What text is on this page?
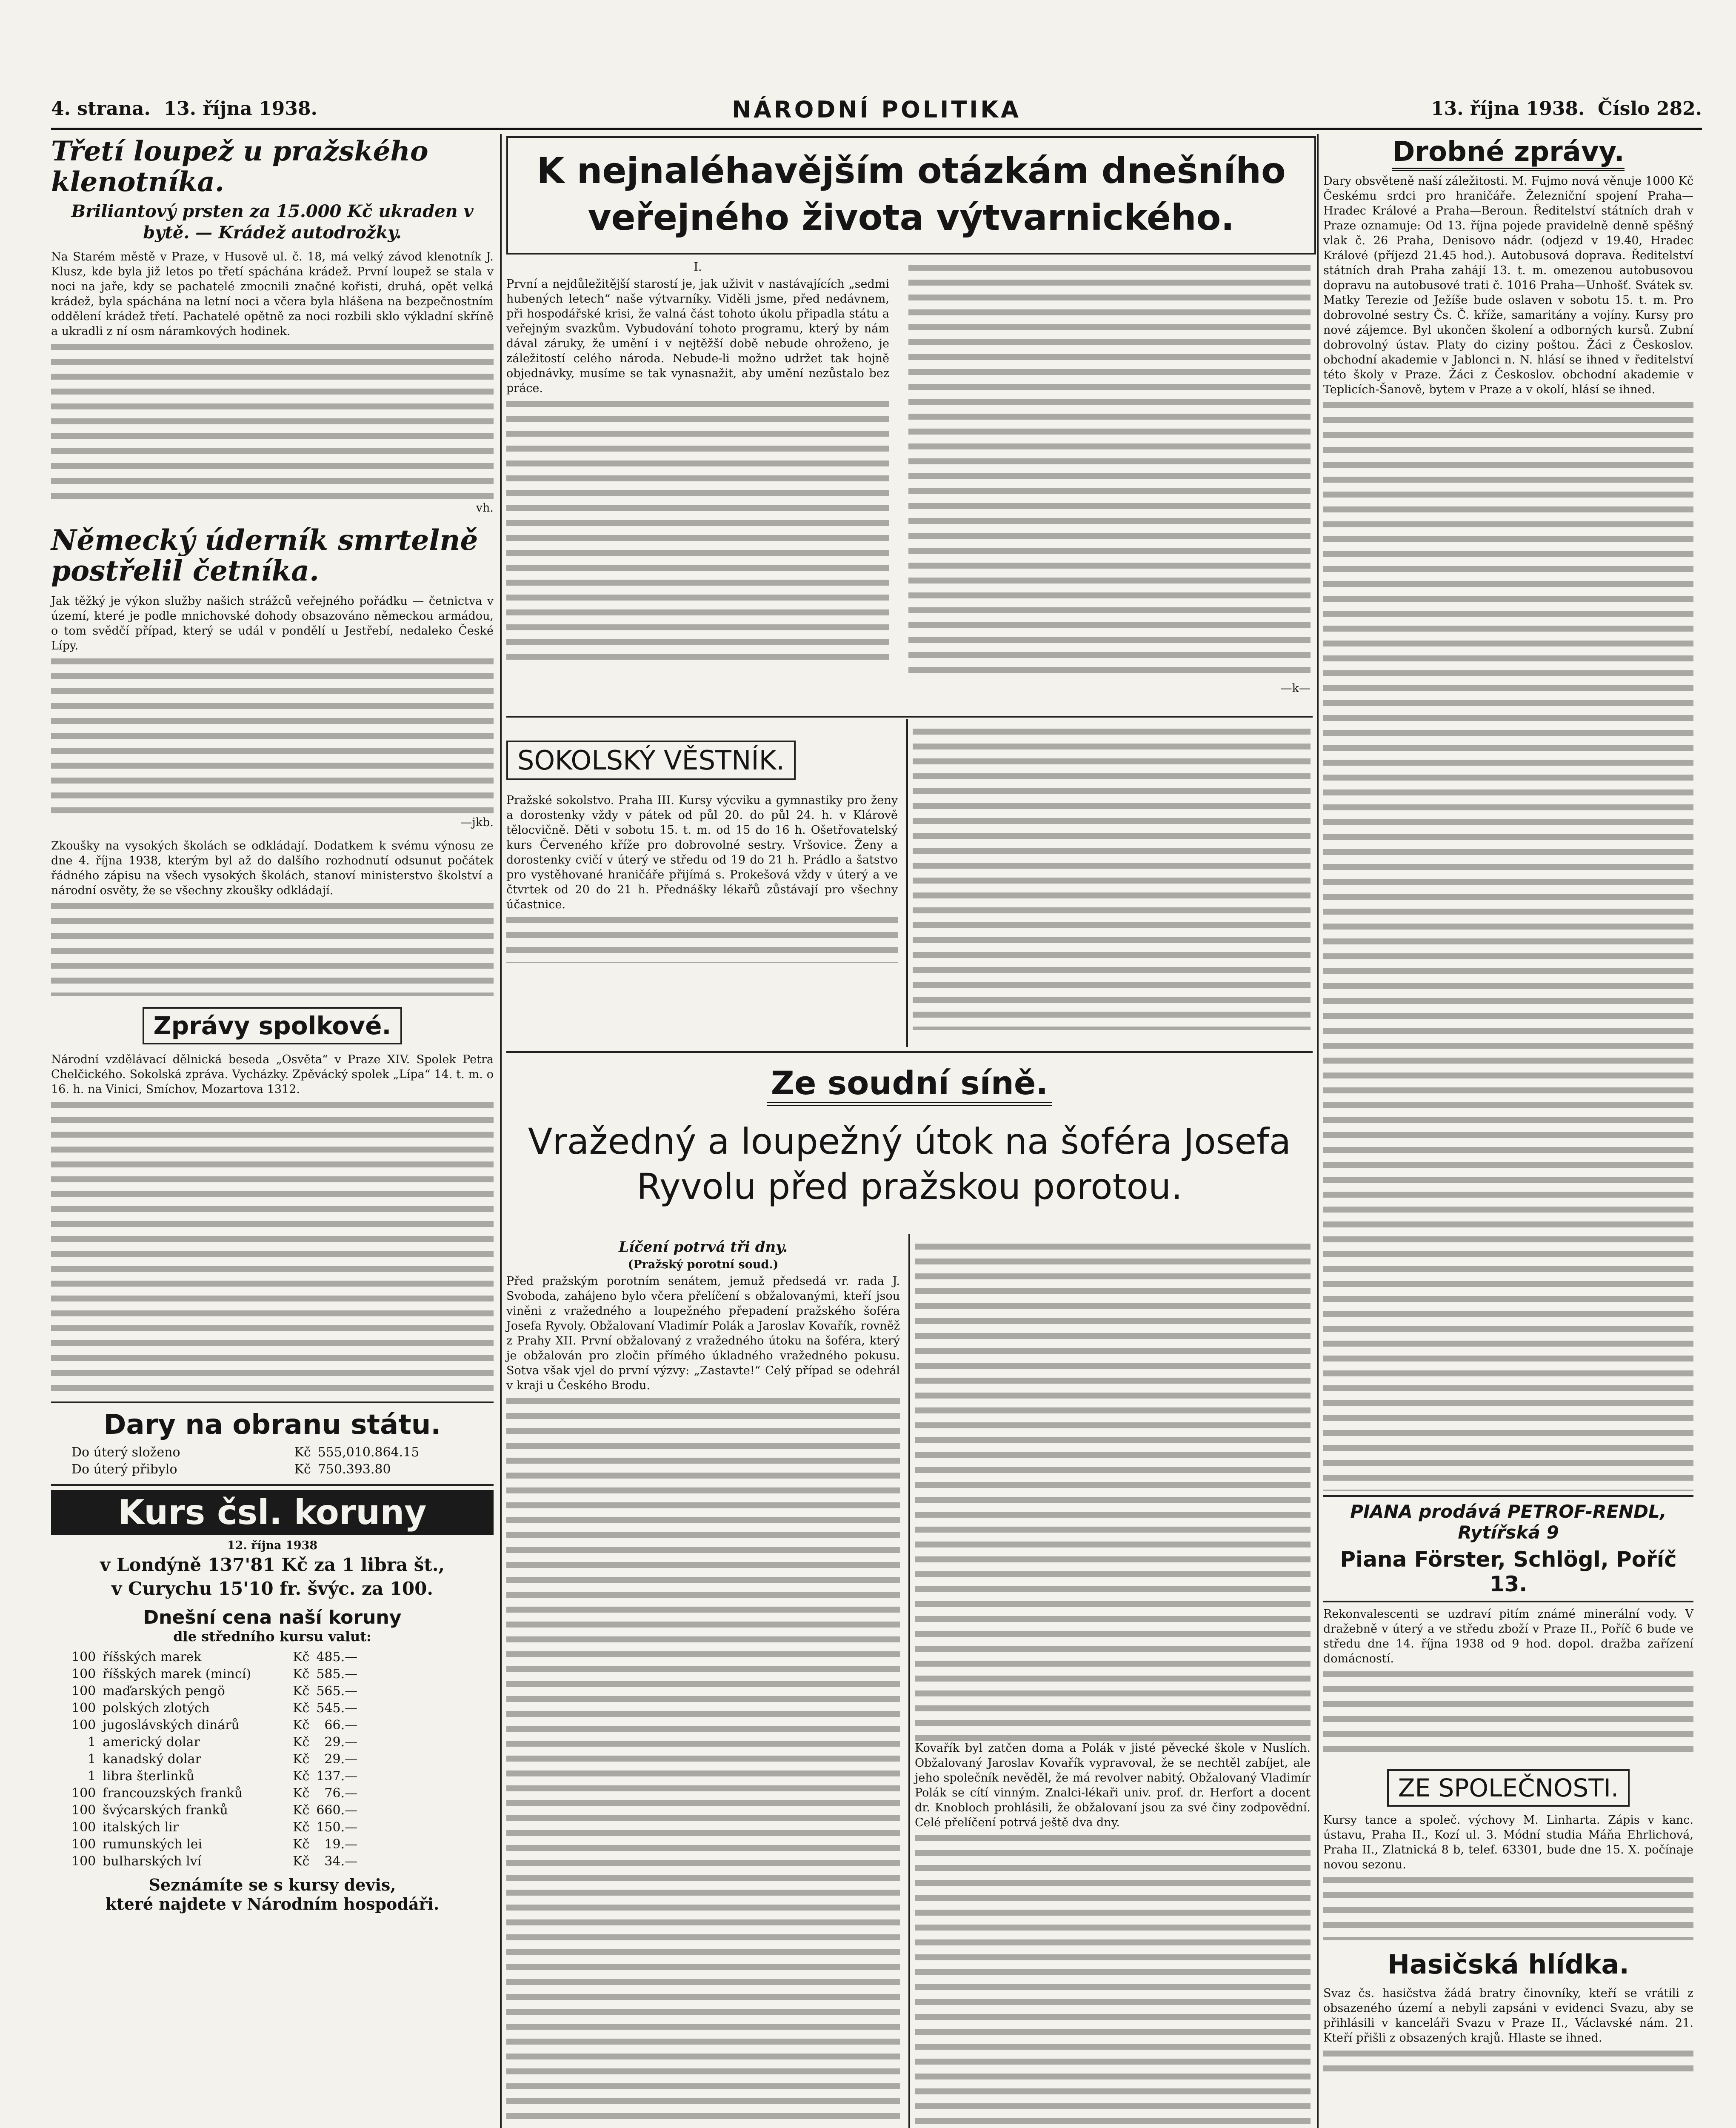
4. strana. 13. října 1938.	NÁRODNÍ POLITIKA	13. října 1938. Číslo 282.
Třetí loupež u pražského klenotníka.
Briliantový prsten za 15.000 Kč ukraden v bytě. — Krádež autodrožky.
Na Starém městě v Praze, v Husově ul. č. 18, má velký závod klenotník J. Klusz, kde byla již letos po třetí spáchána krádež. První loupež se stala v noci na jaře, kdy se pachatelé zmocnili značné kořisti, druhá, opět velká krádež, byla spáchána na letní noci a včera byla hlášena na bezpečnostním oddělení krádež třetí. Pachatelé opětně za noci rozbili sklo výkladní skříně a ukradli z ní osm náramkových hodinek.
vh.
Německý úderník smrtelně postřelil četníka.
Jak těžký je výkon služby našich strážců veřejného pořádku — četnictva v území, které je podle mnichovské dohody obsazováno německou armádou, o tom svědčí případ, který se udál v pondělí u Jestřebí, nedaleko České Lípy.
—jkb.
Zkoušky na vysokých školách se odkládají. Dodatkem k svému výnosu ze dne 4. října 1938, kterým byl až do dalšího rozhodnutí odsunut počátek řádného zápisu na všech vysokých školách, stanoví ministerstvo školství a národní osvěty, že se všechny zkoušky odkládají.
Zprávy spolkové.
Národní vzdělávací dělnická beseda „Osvěta“ v Praze XIV. Spolek Petra Chelčického. Sokolská zpráva. Vycházky. Zpěvácký spolek „Lípa“ 14. t. m. o 16. h. na Vinici, Smíchov, Mozartova 1312.
Dary na obranu státu.
Do úterý složeno	Kč	555,010.864.15
Do úterý přibylo	Kč	750.393.80
Kurs čsl. koruny
12. října 1938
v Londýně 137'81 Kč za 1 libra št.,
v Curychu 15'10 fr. švýc. za 100.
Dnešní cena naší koruny
dle středního kursu valut:
100	říšských marek	Kč	485.—
100	říšských marek (mincí)	Kč	585.—
100	maďarských pengö	Kč	565.—
100	polských zlotých	Kč	545.—
100	jugoslávských dinárů	Kč	66.—
1	americký dolar	Kč	29.—
1	kanadský dolar	Kč	29.—
1	libra šterlinků	Kč	137.—
100	francouzských franků	Kč	76.—
100	švýcarských franků	Kč	660.—
100	italských lir	Kč	150.—
100	rumunských lei	Kč	19.—
100	bulharských lví	Kč	34.—
Seznámíte se s kursy devis,
které najdete v Národním hospodáři.
K nejnaléhavějším otázkám dnešního veřejného života výtvarnického.
I.
První a nejdůležitější starostí je, jak uživit v nastávajících „sedmi hubených letech“ naše výtvarníky. Viděli jsme, před nedávnem, při hospodářské krisi, že valná část tohoto úkolu připadla státu a veřejným svazkům. Vybudování tohoto programu, který by nám dával záruky, že umění i v nejtěžší době nebude ohroženo, je záležitostí celého národa. Nebude-li možno udržet tak hojně objednávky, musíme se tak vynasnažit, aby umění nezůstalo bez práce.
—k—
SOKOLSKÝ VĚSTNÍK.
Pražské sokolstvo. Praha III. Kursy výcviku a gymnastiky pro ženy a dorostenky vždy v pátek od půl 20. do půl 24. h. v Klárově tělocvičně. Děti v sobotu 15. t. m. od 15 do 16 h. Ošetřovatelský kurs Červeného kříže pro dobrovolné sestry. Vršovice. Ženy a dorostenky cvičí v úterý ve středu od 19 do 21 h. Prádlo a šatstvo pro vystěhované hraničáře přijímá s. Prokešová vždy v úterý a ve čtvrtek od 20 do 21 h. Přednášky lékařů zůstávají pro všechny účastnice.
Ze soudní síně.
Vražedný a loupežný útok na šoféra Josefa Ryvolu před pražskou porotou.
Líčení potrvá tři dny.
(Pražský porotní soud.)
Před pražským porotním senátem, jemuž předsedá vr. rada J. Svoboda, zahájeno bylo včera přelíčení s obžalovanými, kteří jsou viněni z vražedného a loupežného přepadení pražského šoféra Josefa Ryvoly. Obžalovaní Vladimír Polák a Jaroslav Kovařík, rovněž z Prahy XII. První obžalovaný z vražedného útoku na šoféra, který je obžalován pro zločin přímého úkladného vražedného pokusu. Sotva však vjel do první výzvy: „Zastavte!“ Celý případ se odehrál v kraji u Českého Brodu.
Kovařík byl zatčen doma a Polák v jisté pěvecké škole v Nuslích. Obžalovaný Jaroslav Kovařík vypravoval, že se nechtěl zabíjet, ale jeho společník nevěděl, že má revolver nabitý. Obžalovaný Vladimír Polák se cítí vinným. Znalci-lékaři univ. prof. dr. Herfort a docent dr. Knobloch prohlásili, že obžalovaní jsou za své činy zodpovědní. Celé přelíčení potrvá ještě dva dny.
Drobné zprávy.
Dary obsvěteně naší záležitosti. M. Fujmo nová věnuje 1000 Kč Českému srdci pro hraničáře. Železniční spojení Praha—Hradec Králové a Praha—Beroun. Ředitelství státních drah v Praze oznamuje: Od 13. října pojede pravidelně denně spěšný vlak č. 26 Praha, Denisovo nádr. (odjezd v 19.40, Hradec Králové (příjezd 21.45 hod.). Autobusová doprava. Ředitelství státních drah Praha zahájí 13. t. m. omezenou autobusovou dopravu na autobusové trati č. 1016 Praha—Unhošť. Svátek sv. Matky Terezie od Ježíše bude oslaven v sobotu 15. t. m. Pro dobrovolné sestry Čs. Č. kříže, samaritány a vojíny. Kursy pro nové zájemce. Byl ukončen školení a odborných kursů. Zubní dobrovolný ústav. Platy do ciziny poštou. Žáci z Českoslov. obchodní akademie v Jablonci n. N. hlásí se ihned v ředitelství této školy v Praze. Žáci z Českoslov. obchodní akademie v Teplicích-Šanově, bytem v Praze a v okolí, hlásí se ihned.
PIANA prodává PETROF-RENDL, Rytířská 9
Piana Förster, Schlögl, Poříč 13.
Rekonvalescenti se uzdraví pitím známé minerální vody. V dražebně v úterý a ve středu zboží v Praze II., Poříč 6 bude ve středu dne 14. října 1938 od 9 hod. dopol. dražba zařízení domácností.
ZE SPOLEČNOSTI.
Kursy tance a společ. výchovy M. Linharta. Zápis v kanc. ústavu, Praha II., Kozí ul. 3. Módní studia Máňa Ehrlichová, Praha II., Zlatnická 8 b, telef. 63301, bude dne 15. X. počínaje novou sezonu.
Hasičská hlídka.
Svaz čs. hasičstva žádá bratry činovníky, kteří se vrátili z obsazeného území a nebyli zapsáni v evidenci Svazu, aby se přihlásili v kanceláři Svazu v Praze II., Václavské nám. 21. Kteří přišli z obsazených krajů. Hlaste se ihned.
